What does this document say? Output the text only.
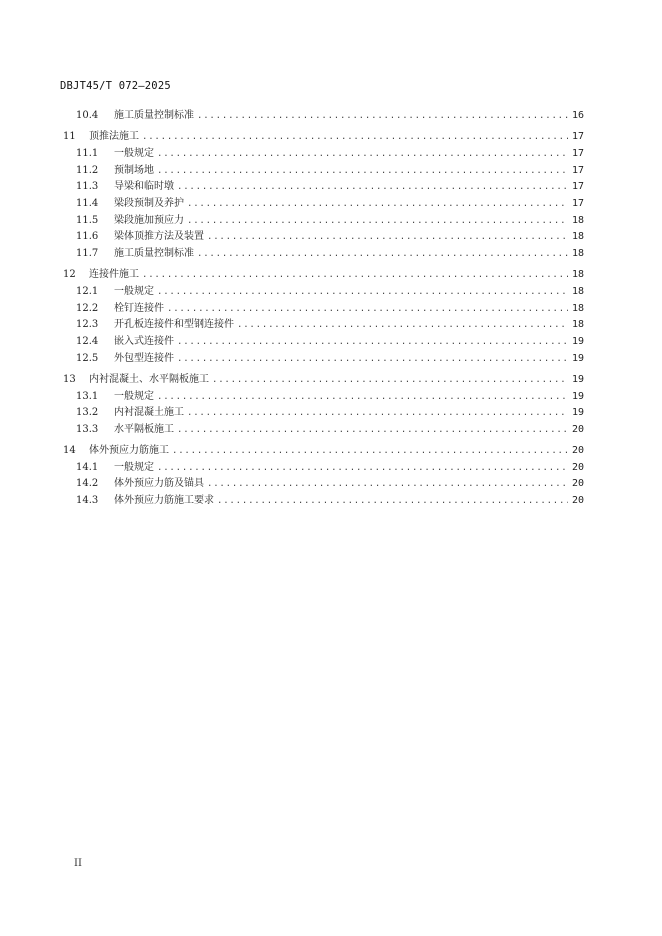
DBJT45/T 072—2025
10.4	施工质量控制标准 .....	16
11	顶推法施工 .....	17
11.1	一般规定 .....	17
11.2	预制场地 .....	17
11.3	导梁和临时墩 .....	17
11.4	梁段预制及养护 .....	17
11.5	梁段施加预应力 .....	18
11.6	梁体顶推方法及装置 .....	18
11.7	施工质量控制标准 .....	18
12	连接件施工 .....	18
12.1	一般规定 .....	18
12.2	栓钉连接件 .....	18
12.3	开孔板连接件和型钢连接件 .....	18
12.4	嵌入式连接件 .....	19
12.5	外包型连接件 .....	19
13	内衬混凝土、水平隔板施工 .....	19
13.1	一般规定 .....	19
13.2	内衬混凝土施工 .....	19
13.3	水平隔板施工 .....	20
14	体外预应力筋施工 .....	20
14.1	一般规定 .....	20
14.2	体外预应力筋及锚具 .....	20
14.3	体外预应力筋施工要求 .....	20
II
